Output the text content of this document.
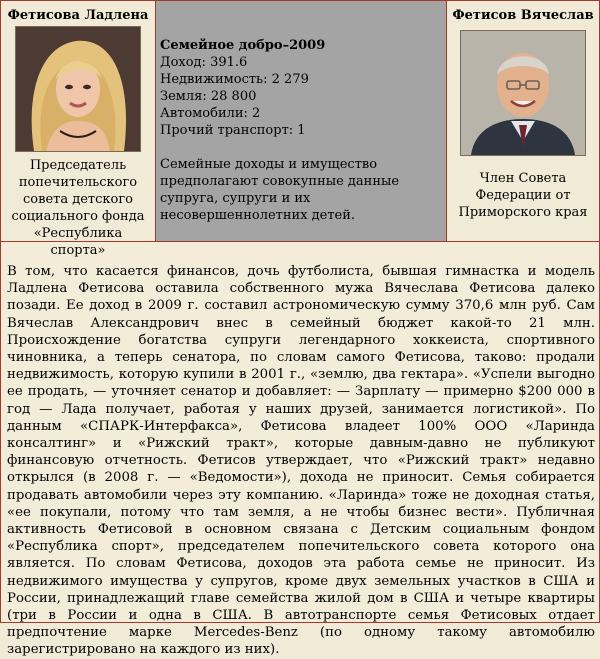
Фетисова Ладлена
Председатель попечительского совета детского социального фонда «Республика спорта»
Семейное добро–2009
Доход: 391.6
Недвижимость: 2 279
Земля: 28 800
Автомобили: 2
Прочий транспорт: 1
Семейные доходы и имущество предполагают совокупные данные супруга, супруги и их несовершеннолетних детей.
Фетисов Вячеслав
Член Совета Федерации от Приморского края
В том, что касается финансов, дочь футболиста, бывшая гимнастка и модель Ладлена Фетисова оставила собственного мужа Вячеслава Фетисова далеко позади. Ее доход в 2009 г. составил астрономическую сумму 370,6 млн руб. Сам Вячеслав Александрович внес в семейный бюджет какой-то 21 млн. Происхождение богатства супруги легендарного хоккеиста, спортивного чиновника, а теперь сенатора, по словам самого Фетисова, таково: продали недвижимость, которую купили в 2001 г., «землю, два гектара». «Успели выгодно ее продать, — уточняет сенатор и добавляет: — Зарплату — примерно $200 000 в год — Лада получает, работая у наших друзей, занимается логистикой». По данным «СПАРК-Интерфакса», Фетисова владеет 100% ООО «Ларинда консалтинг» и «Рижский тракт», которые давным-давно не публикуют финансовую отчетность. Фетисов утверждает, что «Рижский тракт» недавно открылся (в 2008 г. — «Ведомости»), дохода не приносит. Семья собирается продавать автомобили через эту компанию. «Ларинда» тоже не доходная статья, «ее покупали, потому что там земля, а не чтобы бизнес вести». Публичная активность Фетисовой в основном связана с Детским социальным фондом «Республика спорт», председателем попечительского совета которого она является. По словам Фетисова, доходов эта работа семье не приносит. Из недвижимого имущества у супругов, кроме двух земельных участков в США и России, принадлежащий главе семейства жилой дом в США и четыре квартиры (три в России и одна в США. В автотранспорте семья Фетисовых отдает предпочтение марке Mercedes-Benz (по одному такому автомобилю зарегистрировано на каждого из них).
